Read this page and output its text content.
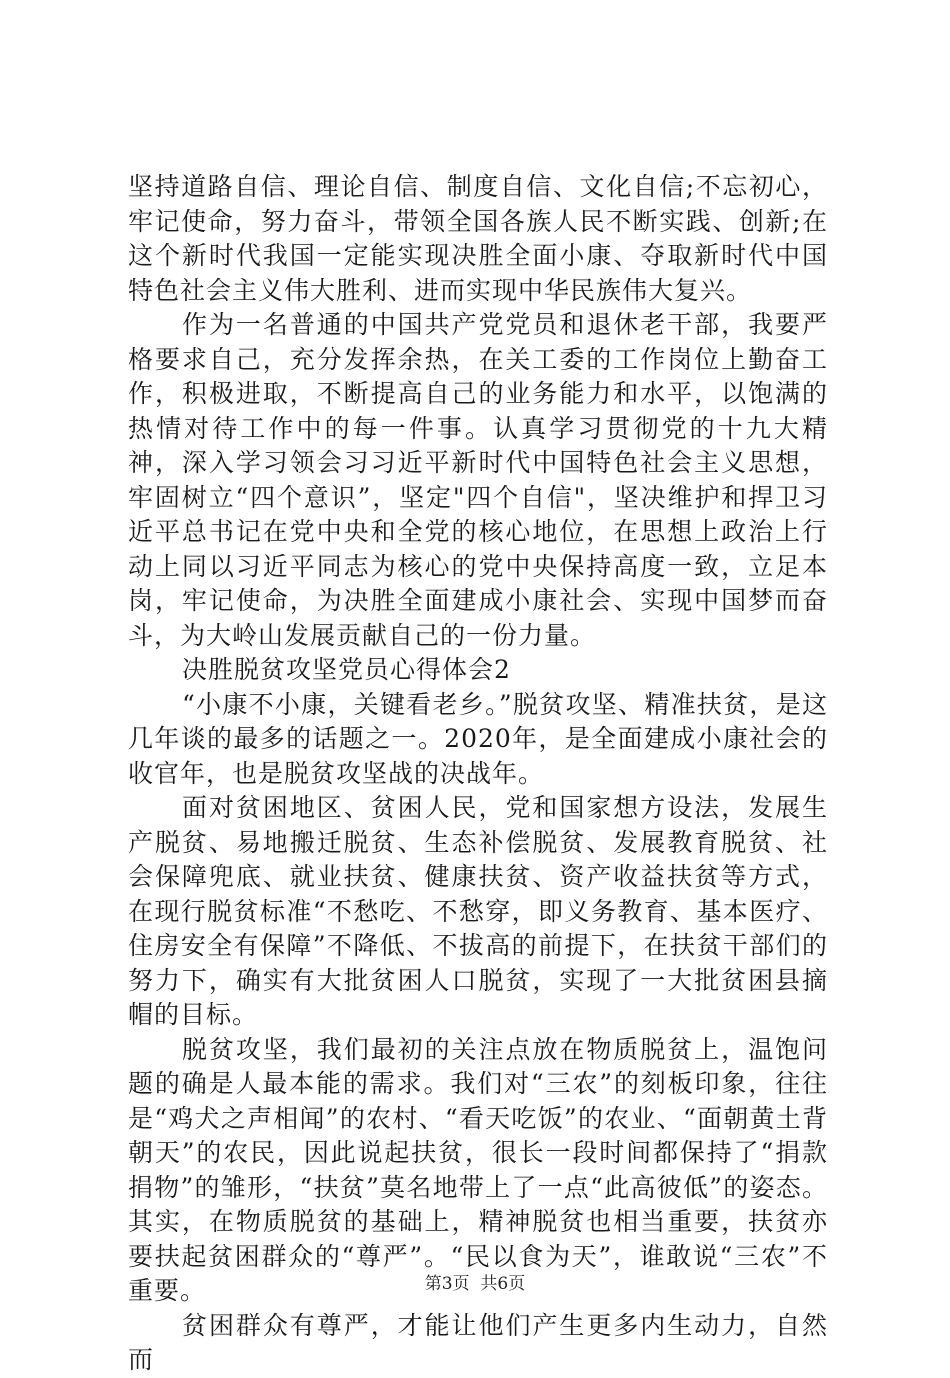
坚持道路自信、理论自信、制度自信、文化自信;不忘初心，牢记使命，努力奋斗，带领全国各族人民不断实践、创新;在这个新时代我国一定能实现决胜全面小康、夺取新时代中国特色社会主义伟大胜利、进而实现中华民族伟大复兴。

作为一名普通的中国共产党党员和退休老干部，我要严格要求自己，充分发挥余热，在关工委的工作岗位上勤奋工作，积极进取，不断提高自己的业务能力和水平，以饱满的热情对待工作中的每一件事。认真学习贯彻党的十九大精神，深入学习领会习习近平新时代中国特色社会主义思想，牢固树立“四个意识”，坚定"四个自信"，坚决维护和捍卫习近平总书记在党中央和全党的核心地位，在思想上政治上行动上同以习近平同志为核心的党中央保持高度一致，立足本岗，牢记使命，为决胜全面建成小康社会、实现中国梦而奋斗，为大岭山发展贡献自己的一份力量。

决胜脱贫攻坚党员心得体会2

“小康不小康，关键看老乡。”脱贫攻坚、精准扶贫，是这几年谈的最多的话题之一。2020年，是全面建成小康社会的收官年，也是脱贫攻坚战的决战年。

面对贫困地区、贫困人民，党和国家想方设法，发展生产脱贫、易地搬迁脱贫、生态补偿脱贫、发展教育脱贫、社会保障兜底、就业扶贫、健康扶贫、资产收益扶贫等方式，在现行脱贫标准“不愁吃、不愁穿，即义务教育、基本医疗、住房安全有保障”不降低、不拔高的前提下，在扶贫干部们的努力下，确实有大批贫困人口脱贫，实现了一大批贫困县摘帽的目标。

脱贫攻坚，我们最初的关注点放在物质脱贫上，温饱问题的确是人最本能的需求。我们对“三农”的刻板印象，往往是“鸡犬之声相闻”的农村、“看天吃饭”的农业、“面朝黄土背朝天”的农民，因此说起扶贫，很长一段时间都保持了“捐款捐物”的雏形，“扶贫”莫名地带上了一点“此高彼低”的姿态。其实，在物质脱贫的基础上，精神脱贫也相当重要，扶贫亦要扶起贫困群众的“尊严”。“民以食为天”，谁敢说“三农”不重要。

贫困群众有尊严，才能让他们产生更多内生动力，自然而

第3页 共6页
